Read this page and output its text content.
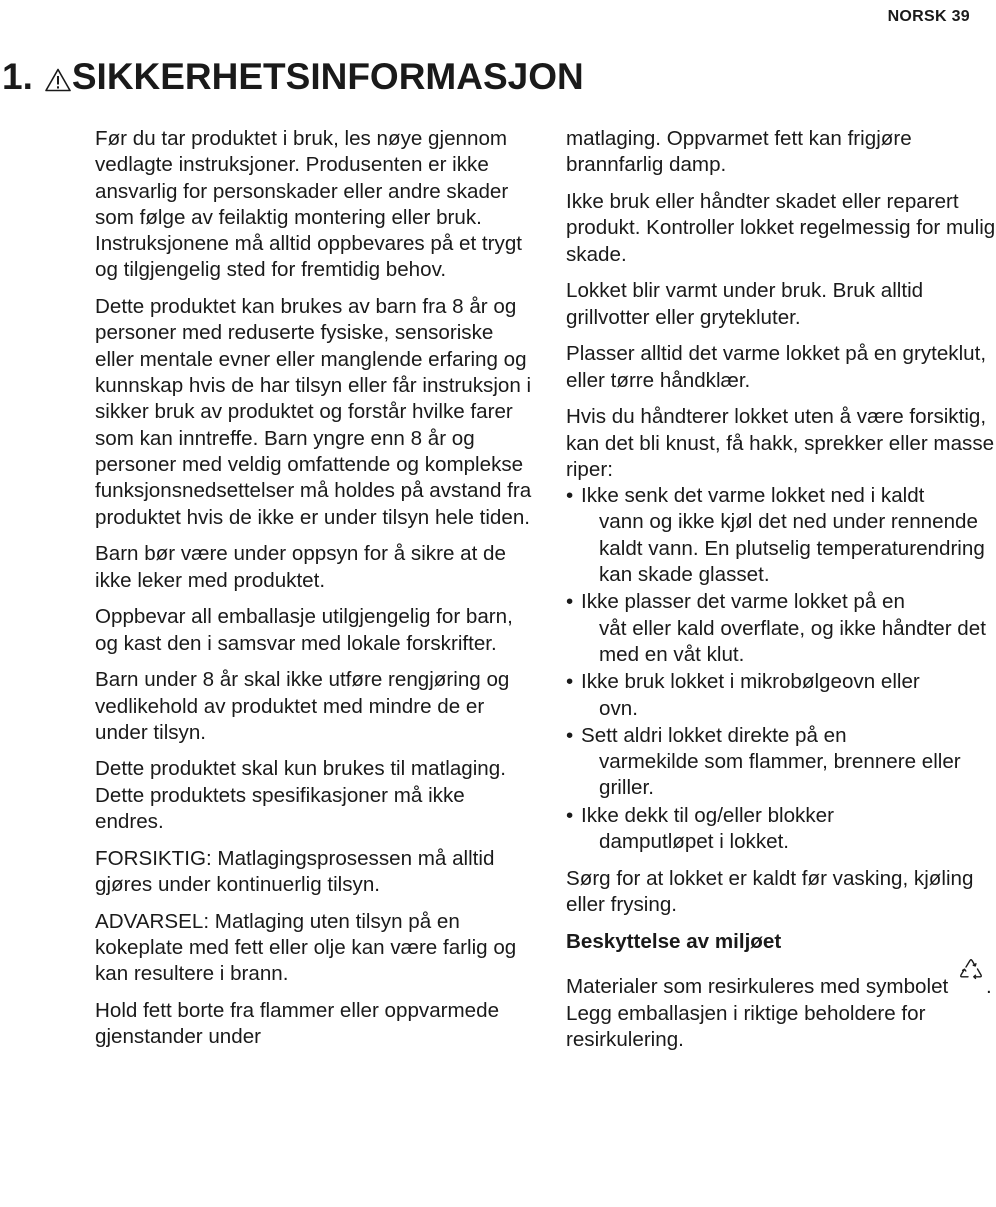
NORSK 39
1. SIKKERHETSINFORMASJON

Før du tar produktet i bruk, les nøye gjennom vedlagte instruksjoner. Produsenten er ikke ansvarlig for personskader eller andre skader som følge av feilaktig montering eller bruk. Instruksjonene må alltid oppbevares på et trygt og tilgjengelig sted for fremtidig behov.

Dette produktet kan brukes av barn fra 8 år og personer med reduserte fysiske, sensoriske eller mentale evner eller manglende erfaring og kunnskap hvis de har tilsyn eller får instruksjon i sikker bruk av produktet og forstår hvilke farer som kan inntreffe. Barn yngre enn 8 år og personer med veldig omfattende og komplekse funksjonsnedsettelser må holdes på avstand fra produktet hvis de ikke er under tilsyn hele tiden.

Barn bør være under oppsyn for å sikre at de ikke leker med produktet.

Oppbevar all emballasje utilgjengelig for barn, og kast den i samsvar med lokale forskrifter.

Barn under 8 år skal ikke utføre rengjøring og vedlikehold av produktet med mindre de er under tilsyn.

Dette produktet skal kun brukes til matlaging. Dette produktets spesifikasjoner må ikke endres.

FORSIKTIG: Matlagingsprosessen må alltid gjøres under kontinuerlig tilsyn.

ADVARSEL: Matlaging uten tilsyn på en kokeplate med fett eller olje kan være farlig og kan resultere i brann.

Hold fett borte fra flammer eller oppvarmede gjenstander under

matlaging. Oppvarmet fett kan frigjøre brannfarlig damp.

Ikke bruk eller håndter skadet eller reparert produkt. Kontroller lokket regelmessig for mulig skade.

Lokket blir varmt under bruk. Bruk alltid grillvotter eller grytekluter.

Plasser alltid det varme lokket på en gryteklut, eller tørre håndklær.

Hvis du håndterer lokket uten å være forsiktig, kan det bli knust, få hakk, sprekker eller masse riper:

• Ikke senk det varme lokket ned i kaldt
vann og ikke kjøl det ned under rennende kaldt vann. En plutselig temperaturendring kan skade glasset.
• Ikke plasser det varme lokket på en
våt eller kald overflate, og ikke håndter det med en våt klut.
• Ikke bruk lokket i mikrobølgeovn eller
ovn.
• Sett aldri lokket direkte på en
varmekilde som flammer, brennere eller griller.
• Ikke dekk til og/eller blokker
damputløpet i lokket.

Sørg for at lokket er kaldt før vasking, kjøling eller frysing.

Beskyttelse av miljøet

Materialer som resirkuleres med symbolet . Legg emballasjen i riktige beholdere for resirkulering.
